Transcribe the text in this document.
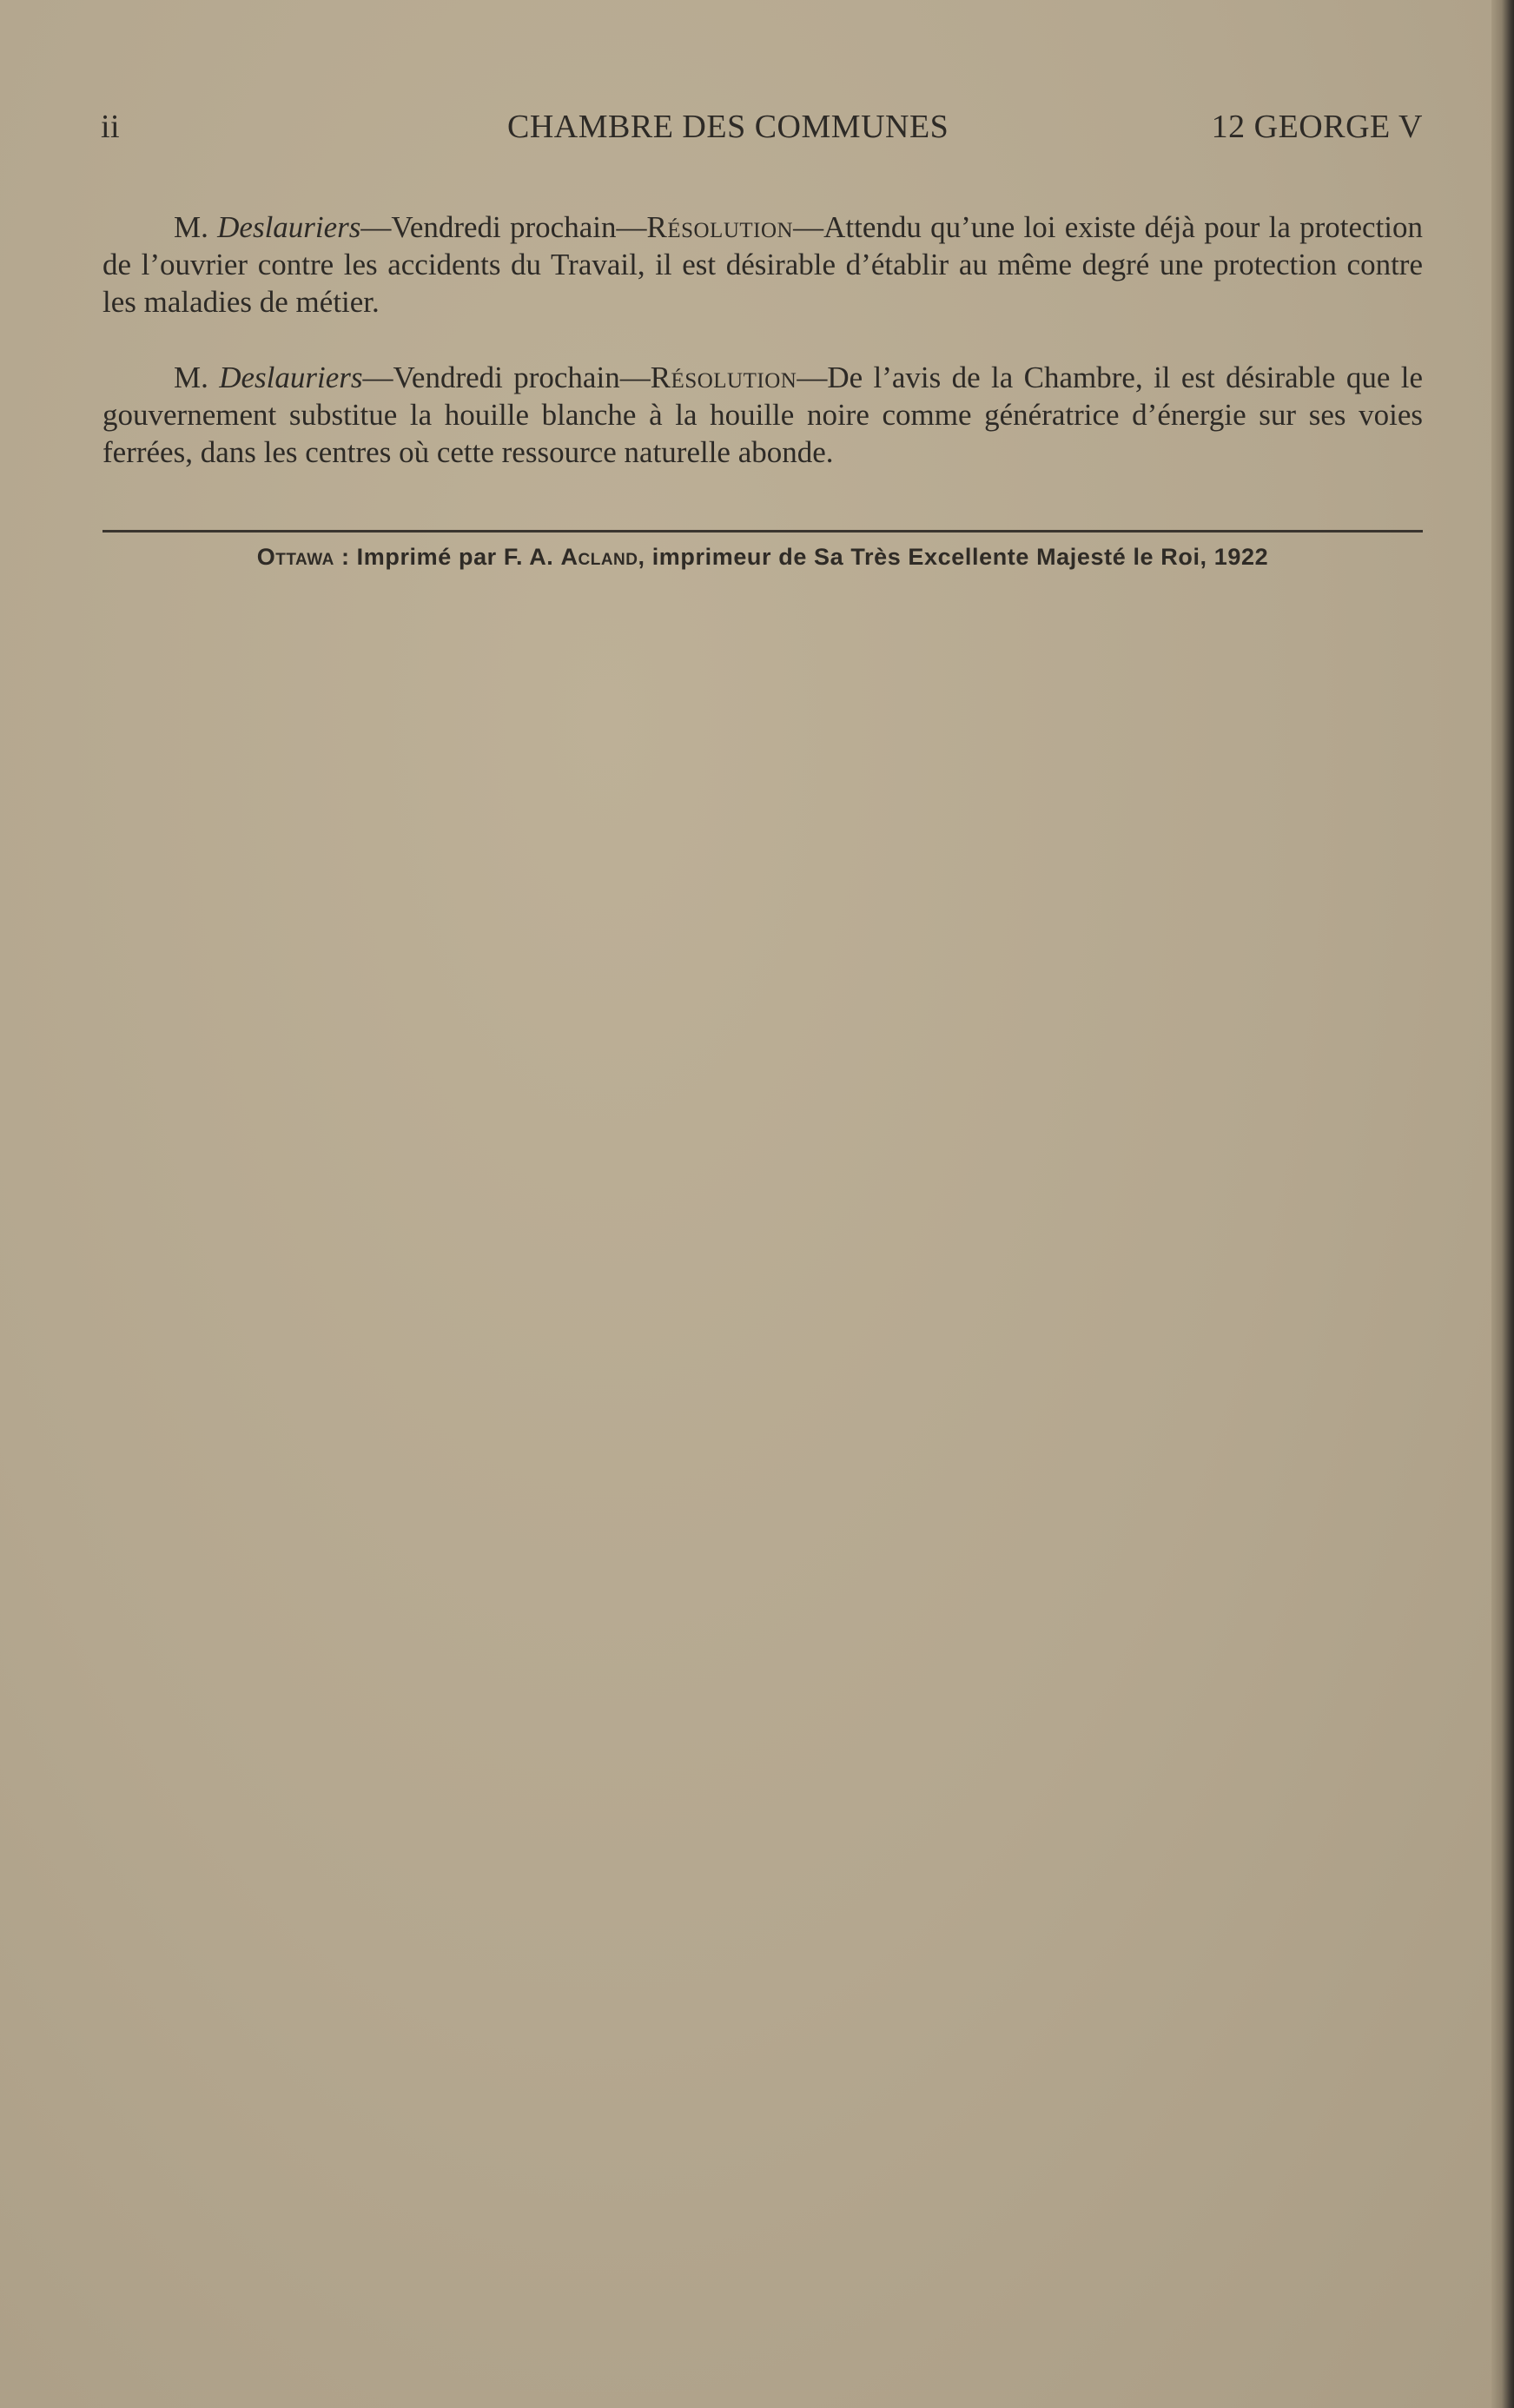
ii	CHAMBRE DES COMMUNES	12 GEORGE V

M. Deslauriers—Vendredi prochain—Résolution—Attendu qu’une loi existe déjà pour la protection de l’ouvrier contre les accidents du Travail, il est désirable d’établir au même degré une protection contre les maladies de métier.

M. Deslauriers—Vendredi prochain—Résolution—De l’avis de la Chambre, il est désirable que le gouvernement substitue la houille blanche à la houille noire comme génératrice d’énergie sur ses voies ferrées, dans les centres où cette ressource naturelle abonde.

Ottawa : Imprimé par F. A. Acland, imprimeur de Sa Très Excellente Majesté le Roi, 1922
